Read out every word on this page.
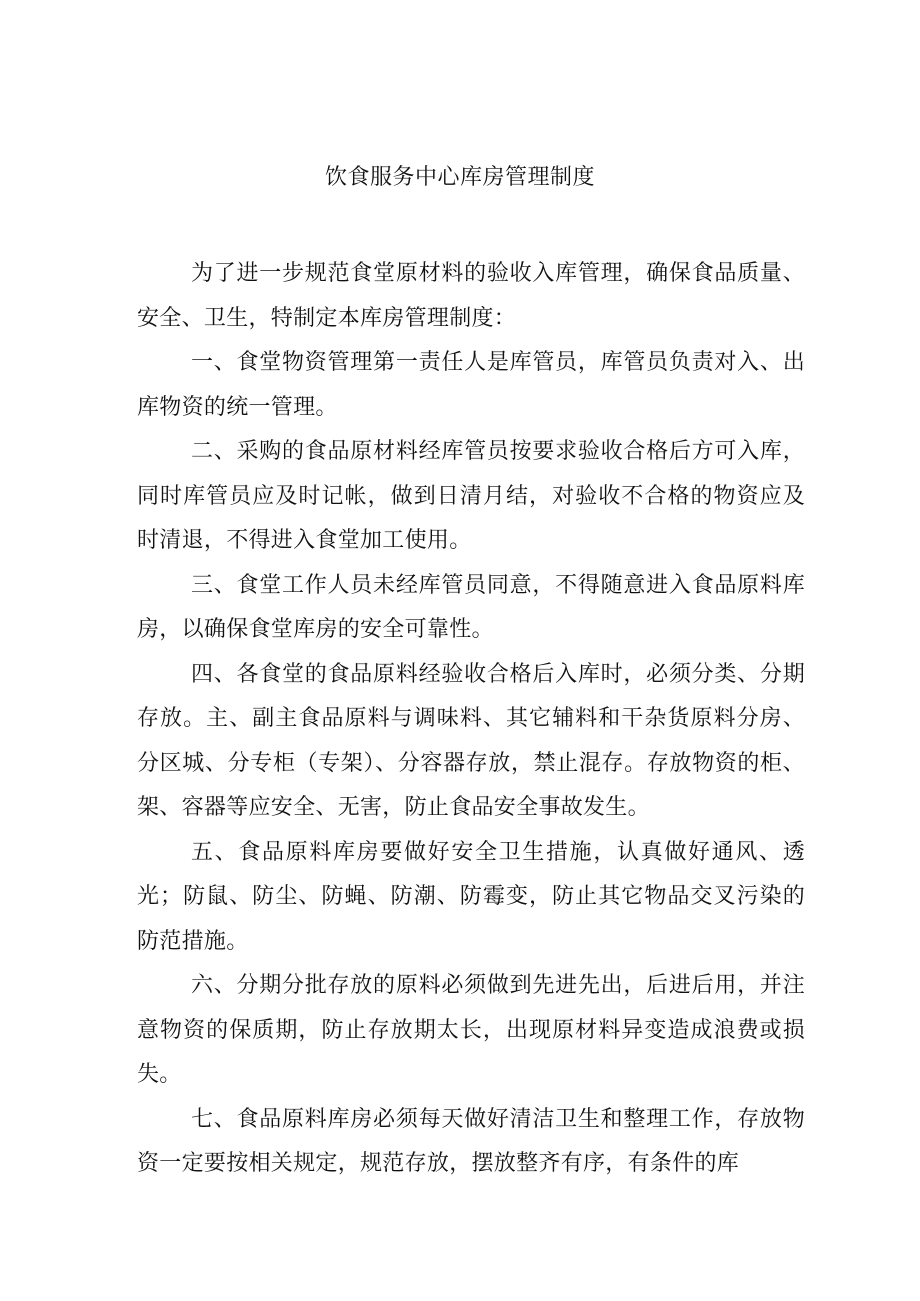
饮食服务中心库房管理制度

为了进一步规范食堂原材料的验收入库管理，确保食品质量、安全、卫生，特制定本库房管理制度：

一、食堂物资管理第一责任人是库管员，库管员负责对入、出库物资的统一管理。

二、采购的食品原材料经库管员按要求验收合格后方可入库，同时库管员应及时记帐，做到日清月结，对验收不合格的物资应及时清退，不得进入食堂加工使用。

三、食堂工作人员未经库管员同意，不得随意进入食品原料库房，以确保食堂库房的安全可靠性。

四、各食堂的食品原料经验收合格后入库时，必须分类、分期存放。主、副主食品原料与调味料、其它辅料和干杂货原料分房、分区城、分专柜（专架）、分容器存放，禁止混存。存放物资的柜、架、容器等应安全、无害，防止食品安全事故发生。

五、食品原料库房要做好安全卫生措施，认真做好通风、透光；防鼠、防尘、防蝇、防潮、防霉变，防止其它物品交叉污染的防范措施。

六、分期分批存放的原料必须做到先进先出，后进后用，并注意物资的保质期，防止存放期太长，出现原材料异变造成浪费或损失。

七、食品原料库房必须每天做好清洁卫生和整理工作，存放物资一定要按相关规定，规范存放，摆放整齐有序，有条件的库
